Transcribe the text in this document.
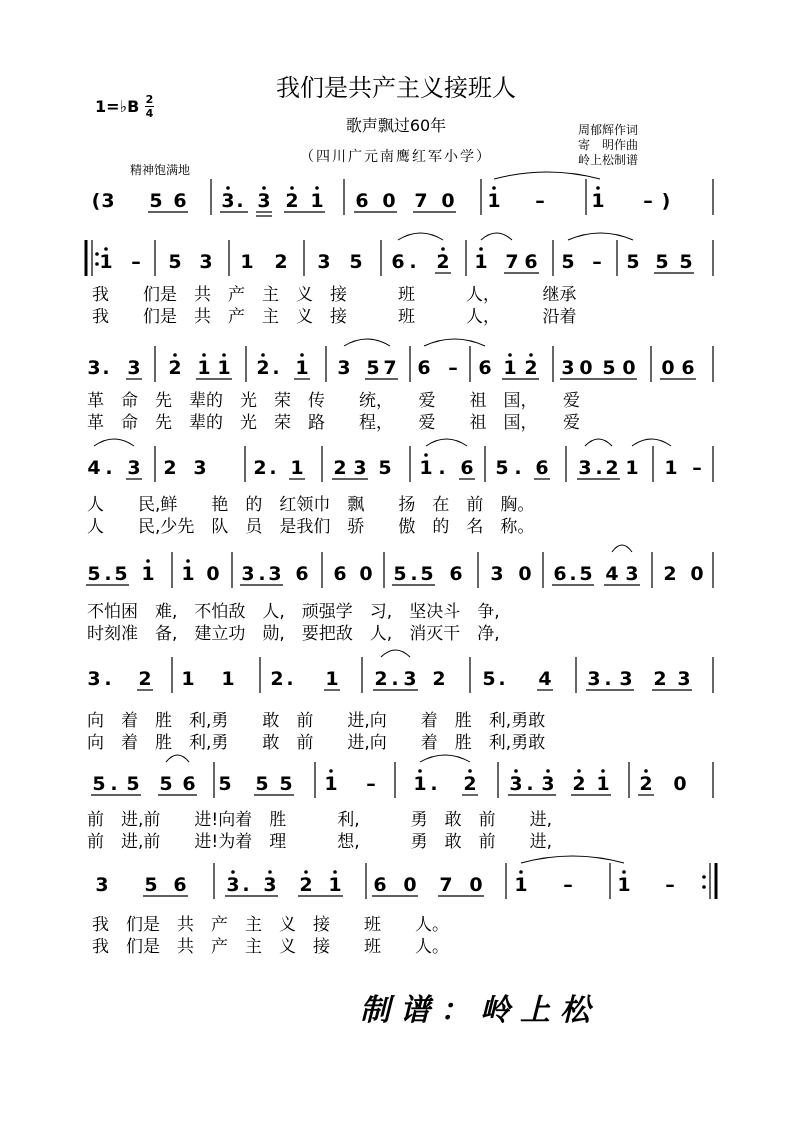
我们是共产主义接班人
歌声飘过60年
（四川广元南鹰红军小学）
1=♭B 2
4
精神饱满地
周郁辉作词
寄　明作曲
岭上松制谱
我　　们是　共　产　主　义　接　　　班　　　人，　　　继承
我　　们是　共　产　主　义　接　　　班　　　人，　　　沿着
革　命　先　辈的　光　荣　传　　统，　　爱　　祖　国，　　爱
革　命　先　辈的　光　荣　路　　程，　　爱　　祖　国，　　爱
人　　民,鲜　　艳　的　红领巾　飘　　扬　在　前　胸。
人　　民,少先　队　员　是我们　骄　　傲　的　名　称。
不怕困　难,　不怕敌　人,　顽强学　习,　坚决斗　争,
时刻准　备,　建立功　勋,　要把敌　人,　消灭干　净,
向　着　胜　利,勇　　敢　前　　进,向　　着　胜　利,勇敢
向　着　胜　利,勇　　敢　前　　进,向　　着　胜　利,勇敢
前　进,前　　进!向着　胜　　　利,　　　勇　敢　前　　进,
前　进,前　　进!为着　理　　　想,　　　勇　敢　前　　进,
我　们是　共　产　主　义　接　　班　　人。
我　们是　共　产　主　义　接　　班　　人。
制谱：岭上松
( 3 5 6 3 . 3 2 1 6 0 7 0 1 – 1 – )
1 – 5 3 1 2 3 5 6 . 2 1 7 6 5 – 5 5 5
3 . 3 2 1 1 2 . 1 3 5 7 6 – 6 1 2 3 0 5 0 0 6
4 . 3 2 3 2 . 1 2 3 5 1 . 6 5 . 6 3 . 2 1 1 –
5 . 5 1 1 0 3 . 3 6 6 0 5 . 5 6 3 0 6 . 5 4 3 2 0
3 . 2 1 1 2 . 1 2 . 3 2 5 . 4 3 . 3 2 3
5 . 5 5 6 5 5 5 1 – 1 . 2 3 . 3 2 1 2 0
3 5 6 3 . 3 2 1 6 0 7 0 1 – 1 –
